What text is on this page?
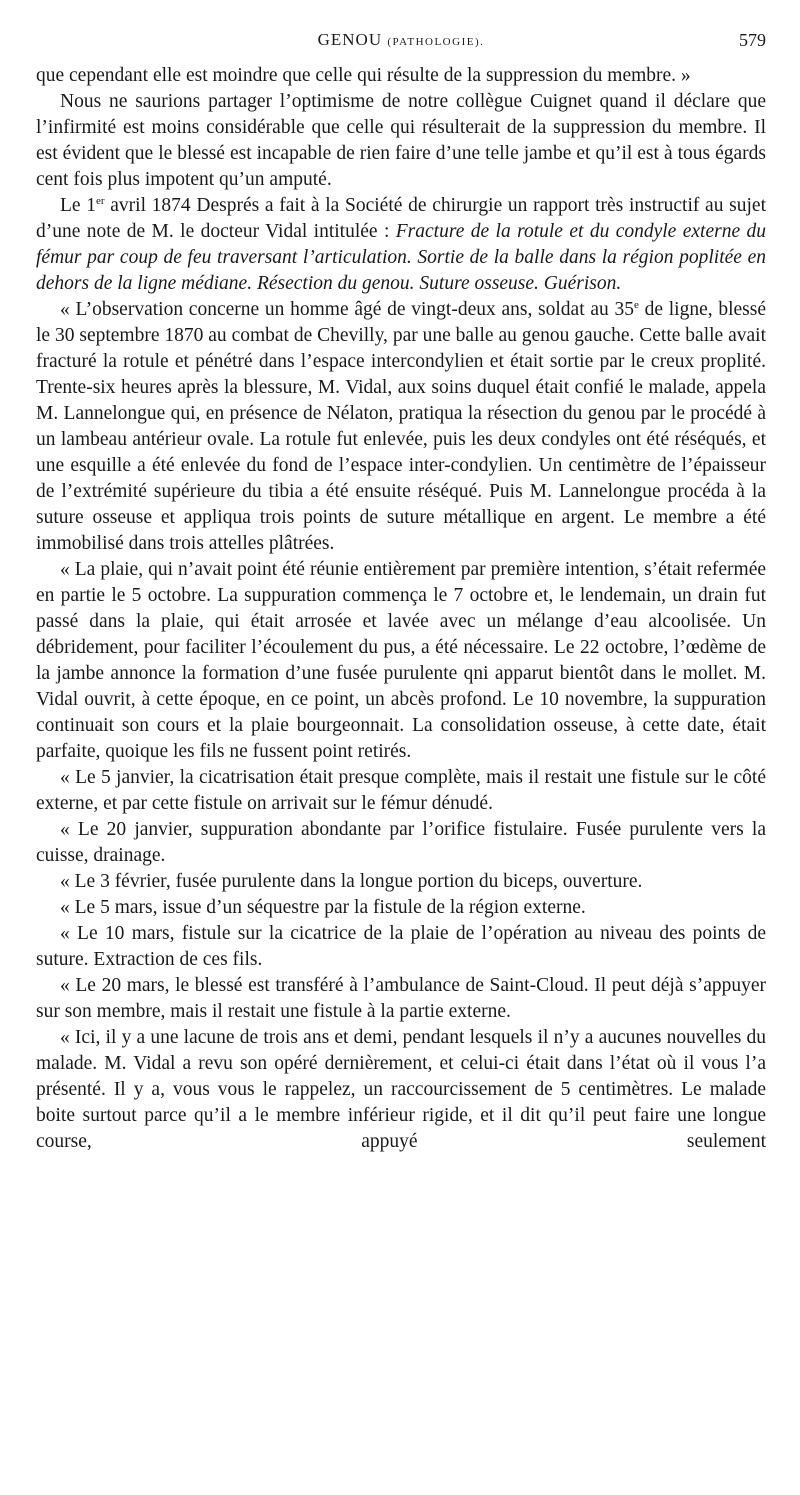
GENOU (PATHOLOGIE).	579

que cependant elle est moindre que celle qui résulte de la suppression du membre. »

Nous ne saurions partager l’optimisme de notre collègue Cuignet quand il déclare que l’infirmité est moins considérable que celle qui résulterait de la suppression du membre. Il est évident que le blessé est incapable de rien faire d’une telle jambe et qu’il est à tous égards cent fois plus impotent qu’un amputé.

Le 1er avril 1874 Després a fait à la Société de chirurgie un rapport très instructif au sujet d’une note de M. le docteur Vidal intitulée : Fracture de la rotule et du condyle externe du fémur par coup de feu traversant l’articulation. Sortie de la balle dans la région poplitée en dehors de la ligne médiane. Résection du genou. Suture osseuse. Guérison.

« L’observation concerne un homme âgé de vingt-deux ans, soldat au 35e de ligne, blessé le 30 septembre 1870 au combat de Chevilly, par une balle au genou gauche. Cette balle avait fracturé la rotule et pénétré dans l’espace intercondylien et était sortie par le creux proplité. Trente-six heures après la blessure, M. Vidal, aux soins duquel était confié le malade, appela M. Lannelongue qui, en présence de Nélaton, pratiqua la résection du genou par le procédé à un lambeau antérieur ovale. La rotule fut enlevée, puis les deux condyles ont été réséqués, et une esquille a été enlevée du fond de l’espace inter-condylien. Un centimètre de l’épaisseur de l’extrémité supérieure du tibia a été ensuite réséqué. Puis M. Lannelongue procéda à la suture osseuse et appliqua trois points de suture métallique en argent. Le membre a été immobilisé dans trois attelles plâtrées.

« La plaie, qui n’avait point été réunie entièrement par première intention, s’était refermée en partie le 5 octobre. La suppuration commença le 7 octobre et, le lendemain, un drain fut passé dans la plaie, qui était arrosée et lavée avec un mélange d’eau alcoolisée. Un débridement, pour faciliter l’écoulement du pus, a été nécessaire. Le 22 octobre, l’œdème de la jambe annonce la formation d’une fusée purulente qni apparut bientôt dans le mollet. M. Vidal ouvrit, à cette époque, en ce point, un abcès profond. Le 10 novembre, la suppuration continuait son cours et la plaie bourgeonnait. La consolidation osseuse, à cette date, était parfaite, quoique les fils ne fussent point retirés.

« Le 5 janvier, la cicatrisation était presque complète, mais il restait une fistule sur le côté externe, et par cette fistule on arrivait sur le fémur dénudé.

« Le 20 janvier, suppuration abondante par l’orifice fistulaire. Fusée purulente vers la cuisse, drainage.

« Le 3 février, fusée purulente dans la longue portion du biceps, ouverture.

« Le 5 mars, issue d’un séquestre par la fistule de la région externe.

« Le 10 mars, fistule sur la cicatrice de la plaie de l’opération au niveau des points de suture. Extraction de ces fils.

« Le 20 mars, le blessé est transféré à l’ambulance de Saint-Cloud. Il peut déjà s’appuyer sur son membre, mais il restait une fistule à la partie externe.

« Ici, il y a une lacune de trois ans et demi, pendant lesquels il n’y a aucunes nouvelles du malade. M. Vidal a revu son opéré dernièrement, et celui-ci était dans l’état où il vous l’a présenté. Il y a, vous vous le rappelez, un raccourcissement de 5 centimètres. Le malade boite surtout parce qu’il a le membre inférieur rigide, et il dit qu’il peut faire une longue course, appuyé seulement
